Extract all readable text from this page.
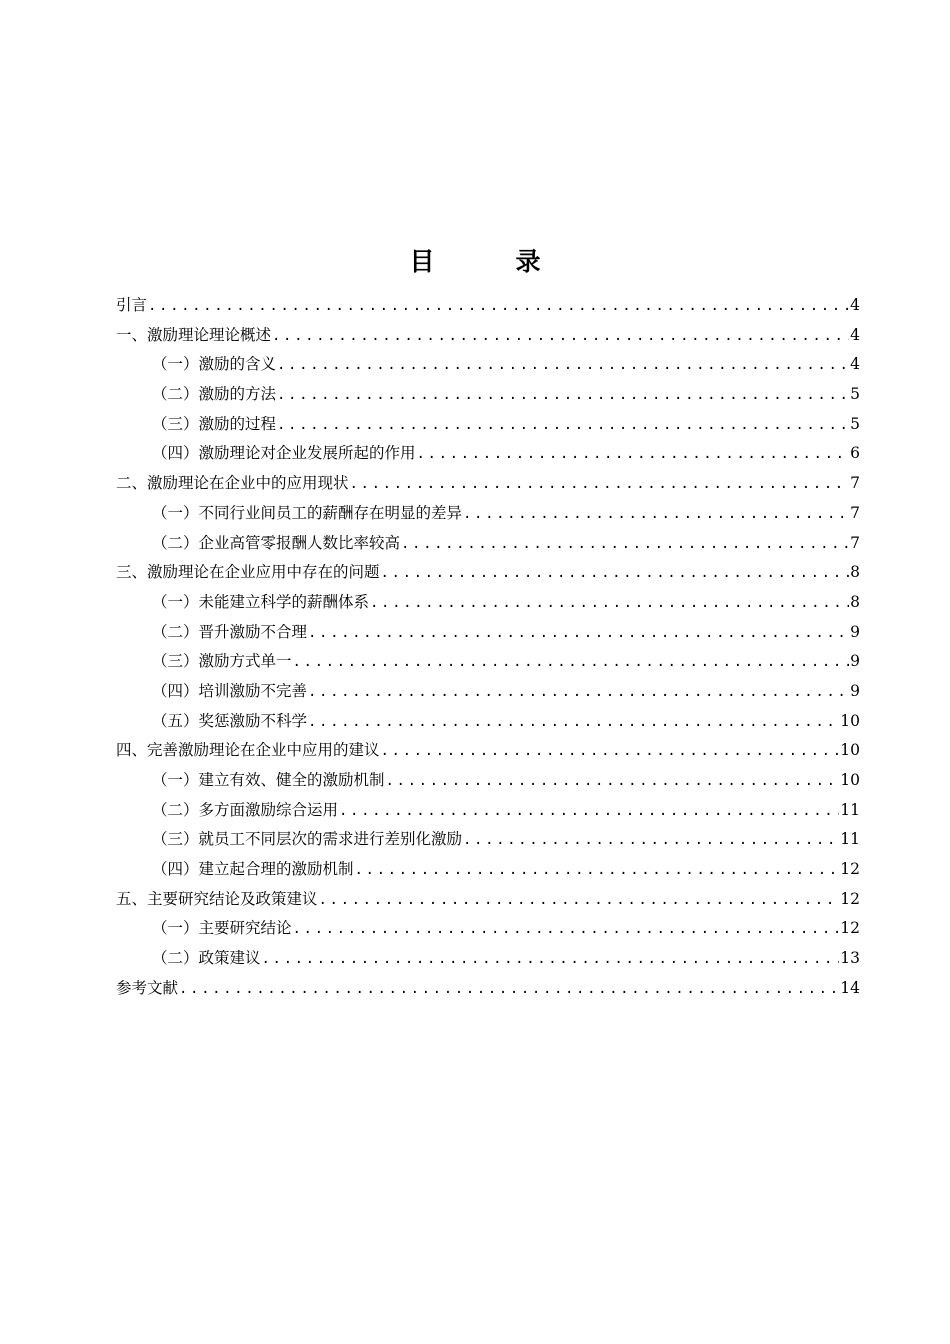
目　录
引言 .....	4
一、激励理论理论概述 .....	4
（一）激励的含义 .....	4
（二）激励的方法 .....	5
（三）激励的过程 .....	5
（四）激励理论对企业发展所起的作用 .....	6
二、激励理论在企业中的应用现状 .....	7
（一）不同行业间员工的薪酬存在明显的差异 .....	7
（二）企业高管零报酬人数比率较高 .....	7
三、激励理论在企业应用中存在的问题 .....	8
（一）未能建立科学的薪酬体系 .....	8
（二）晋升激励不合理 .....	9
（三）激励方式单一 .....	9
（四）培训激励不完善 .....	9
（五）奖惩激励不科学 .....	10
四、完善激励理论在企业中应用的建议 .....	10
（一）建立有效、健全的激励机制 .....	10
（二）多方面激励综合运用 .....	11
（三）就员工不同层次的需求进行差别化激励 .....	11
（四）建立起合理的激励机制 .....	12
五、主要研究结论及政策建议 .....	12
（一）主要研究结论 .....	12
（二）政策建议 .....	13
参考文献 .....	14
